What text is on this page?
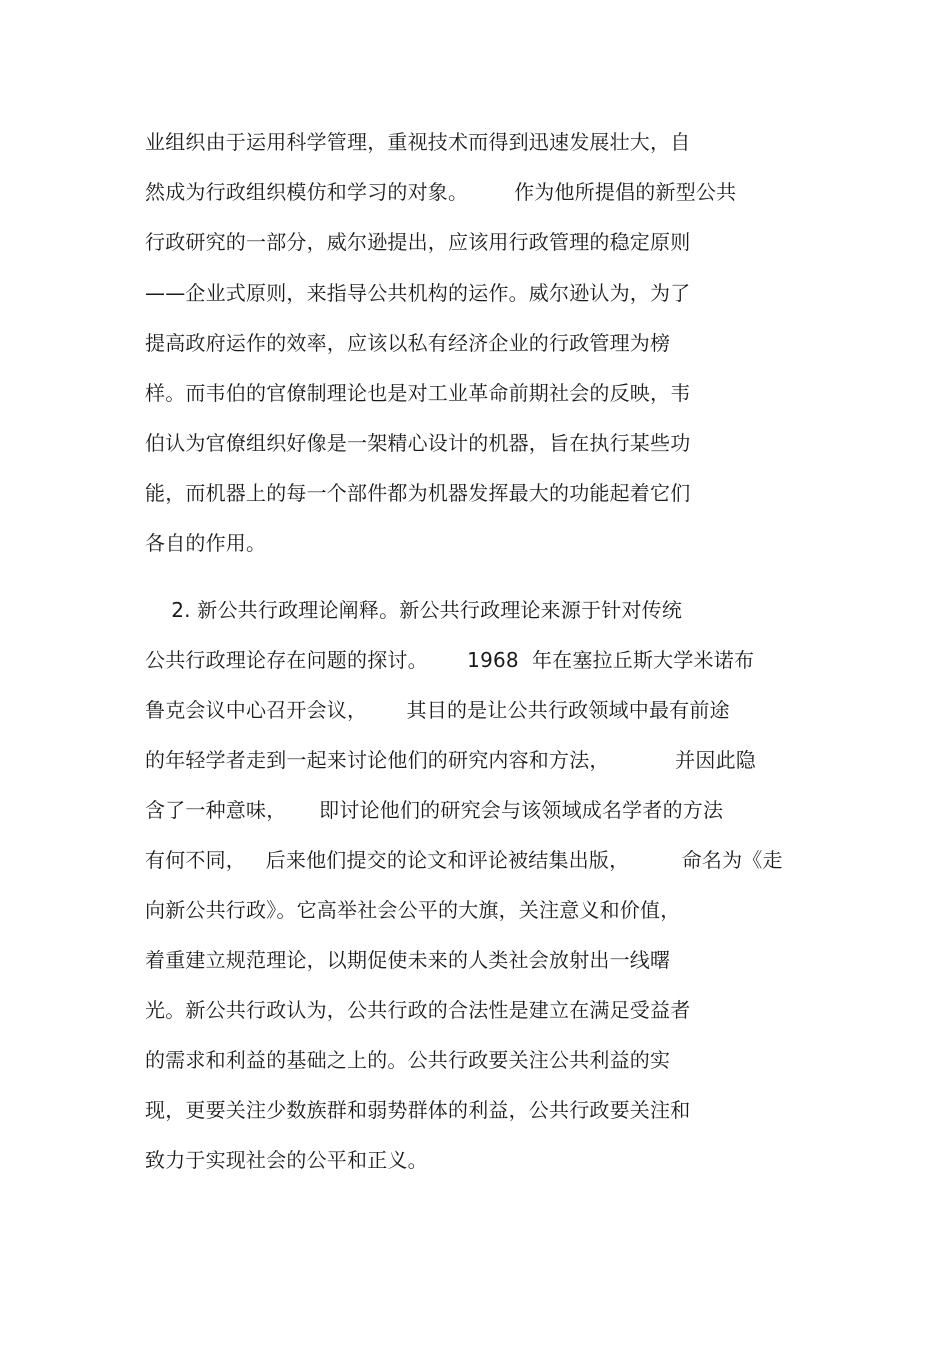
业组织由于运用科学管理，重视技术而得到迅速发展壮大，自
然成为行政组织模仿和学习的对象。       作为他所提倡的新型公共
行政研究的一部分，威尔逊提出，应该用行政管理的稳定原则
——企业式原则，来指导公共机构的运作。威尔逊认为，为了
提高政府运作的效率，应该以私有经济企业的行政管理为榜
样。而韦伯的官僚制理论也是对工业革命前期社会的反映，韦
伯认为官僚组织好像是一架精心设计的机器，旨在执行某些功
能，而机器上的每一个部件都为机器发挥最大的功能起着它们
各自的作用。
2. 新公共行政理论阐释。新公共行政理论来源于针对传统
公共行政理论存在问题的探讨。      1968  年在塞拉丘斯大学米诺布
鲁克会议中心召开会议，      其目的是让公共行政领域中最有前途
的年轻学者走到一起来讨论他们的研究内容和方法，          并因此隐
含了一种意味，     即讨论他们的研究会与该领域成名学者的方法
有何不同，   后来他们提交的论文和评论被结集出版，        命名为《走
向新公共行政》。它高举社会公平的大旗，关注意义和价值，
着重建立规范理论，以期促使未来的人类社会放射出一线曙
光。新公共行政认为，公共行政的合法性是建立在满足受益者
的需求和利益的基础之上的。公共行政要关注公共利益的实
现，更要关注少数族群和弱势群体的利益，公共行政要关注和
致力于实现社会的公平和正义。
